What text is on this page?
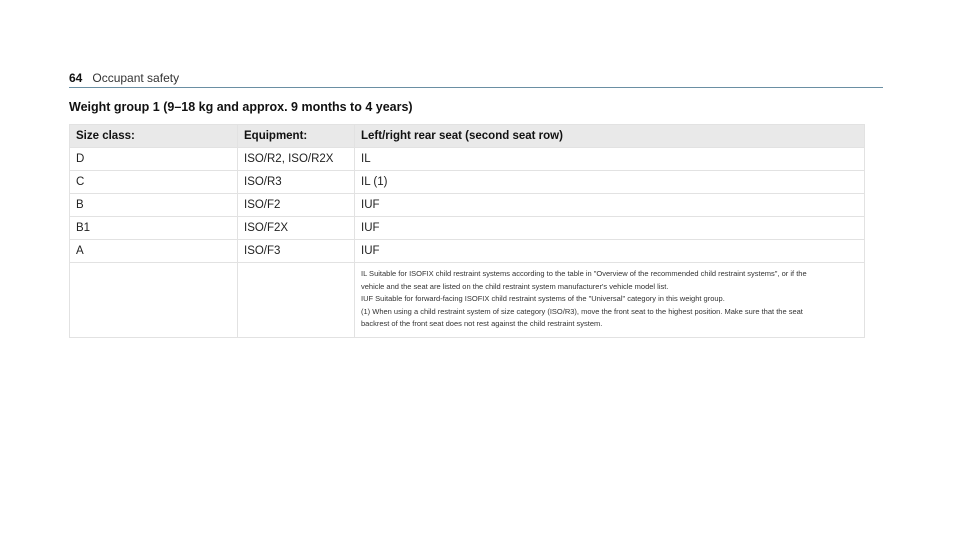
64 Occupant safety
Weight group 1 (9–18 kg and approx. 9 months to 4 years)
Size class:	Equipment:	Left/right rear seat (second seat row)
D	ISO/R2, ISO/R2X	IL
C	ISO/R3	IL (1)
B	ISO/F2	IUF
B1	ISO/F2X	IUF
A	ISO/F3	IUF

		IL Suitable for ISOFIX child restraint systems according to the table in "Overview of the recommended child restraint systems", or if the
vehicle and the seat are listed on the child restraint system manufacturer's vehicle model list.
IUF Suitable for forward-facing ISOFIX child restraint systems of the "Universal" category in this weight group.
(1) When using a child restraint system of size category (ISO/R3), move the front seat to the highest position. Make sure that the seat
backrest of the front seat does not rest against the child restraint system.
